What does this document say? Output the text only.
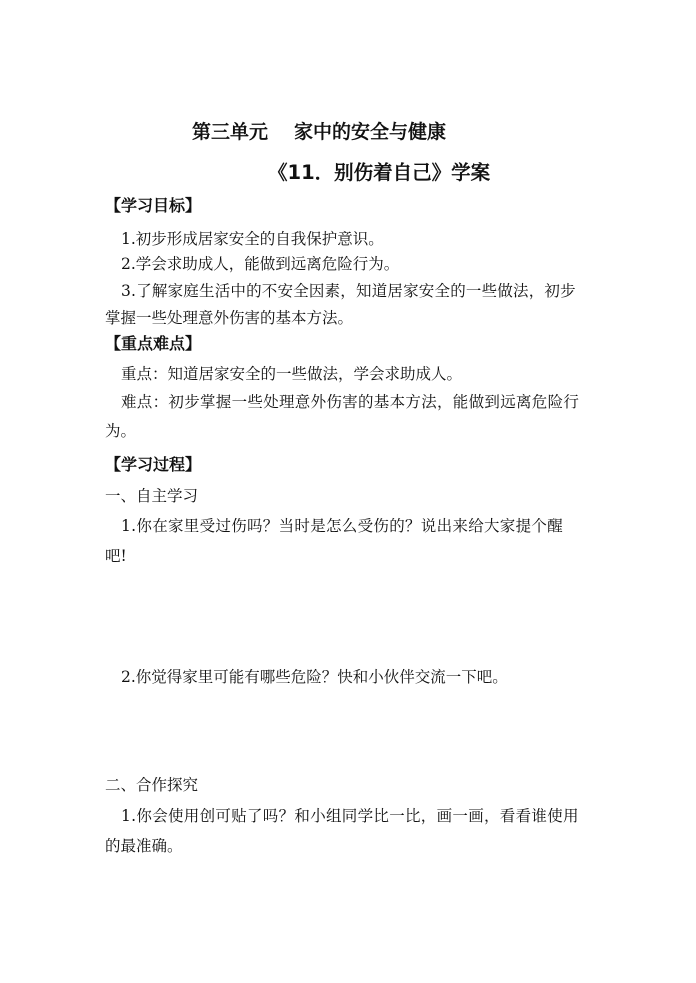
第三单元 家中的安全与健康
《11．别伤着自己》学案
【学习目标】
1.初步形成居家安全的自我保护意识。
2.学会求助成人，能做到远离危险行为。
3.了解家庭生活中的不安全因素，知道居家安全的一些做法，初步
掌握一些处理意外伤害的基本方法。
【重点难点】
重点：知道居家安全的一些做法，学会求助成人。
难点：初步掌握一些处理意外伤害的基本方法，能做到远离危险行
为。
【学习过程】
一、自主学习
1.你在家里受过伤吗？当时是怎么受伤的？说出来给大家提个醒
吧!
2.你觉得家里可能有哪些危险？快和小伙伴交流一下吧。
二、合作探究
1.你会使用创可贴了吗？和小组同学比一比，画一画，看看谁使用
的最准确。
